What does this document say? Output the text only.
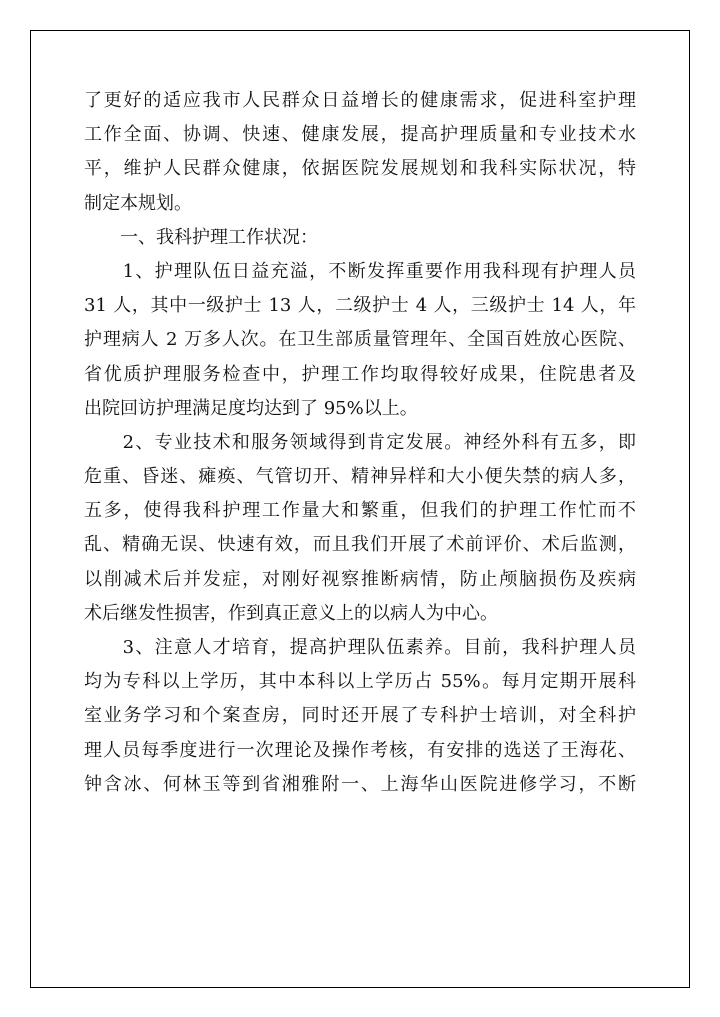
了更好的适应我市人民群众日益增长的健康需求，促进科室护理
工作全面、协调、快速、健康发展，提高护理质量和专业技术水
平，维护人民群众健康，依据医院发展规划和我科实际状况，特
制定本规划。
　　一、我科护理工作状况：
　　1、护理队伍日益充溢，不断发挥重要作用我科现有护理人员
31 人，其中一级护士 13 人，二级护士 4 人，三级护士 14 人，年
护理病人 2 万多人次。在卫生部质量管理年、全国百姓放心医院、
省优质护理服务检查中，护理工作均取得较好成果，住院患者及
出院回访护理满足度均达到了 95%以上。
　　2、专业技术和服务领域得到肯定发展。神经外科有五多，即
危重、昏迷、瘫痪、气管切开、精神异样和大小便失禁的病人多，
五多，使得我科护理工作量大和繁重，但我们的护理工作忙而不
乱、精确无误、快速有效，而且我们开展了术前评价、术后监测，
以削减术后并发症，对刚好视察推断病情，防止颅脑损伤及疾病
术后继发性损害，作到真正意义上的以病人为中心。
　　3、注意人才培育，提高护理队伍素养。目前，我科护理人员
均为专科以上学历，其中本科以上学历占 55%。每月定期开展科
室业务学习和个案查房，同时还开展了专科护士培训，对全科护
理人员每季度进行一次理论及操作考核，有安排的选送了王海花、
钟含冰、何林玉等到省湘雅附一、上海华山医院进修学习，不断
